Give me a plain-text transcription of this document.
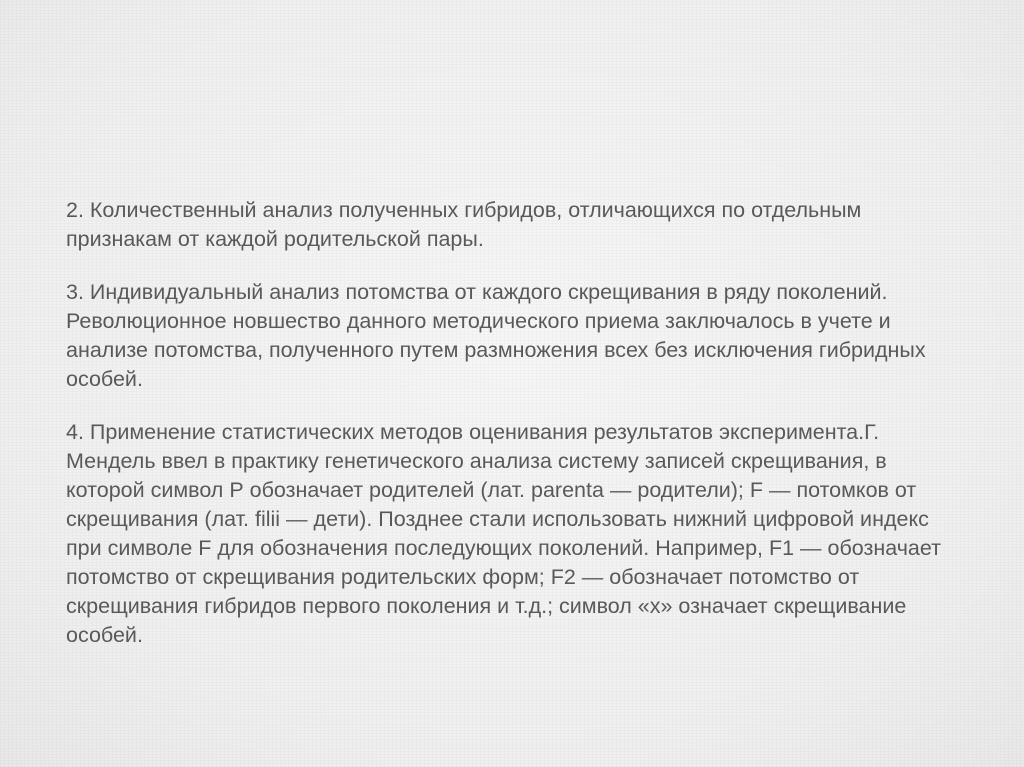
2. Количественный анализ полученных гибридов, отличающихся по отдельным признакам от каждой родительской пары.

3. Индивидуальный анализ потомства от каждого скрещивания в ряду поколений. Революционное новшество данного методического приема заключалось в учете и анализе потомства, полученного путем размножения всех без исключения гибридных особей.

4. Применение статистических методов оценивания результатов эксперимента.Г. Мендель ввел в практику генетического анализа систему записей скрещивания, в которой символ Р обозначает родителей (лат. parenta — родители); F — потомков от скрещивания (лат. filii — дети). Позднее стали использовать нижний цифровой индекс при символе F для обозначения последующих поколений. Например, F1 — обозначает потомство от скрещивания родительских форм; F2 — обозначает потомство от скрещивания гибридов первого поколения и т.д.; символ «х» означает скрещивание особей.
